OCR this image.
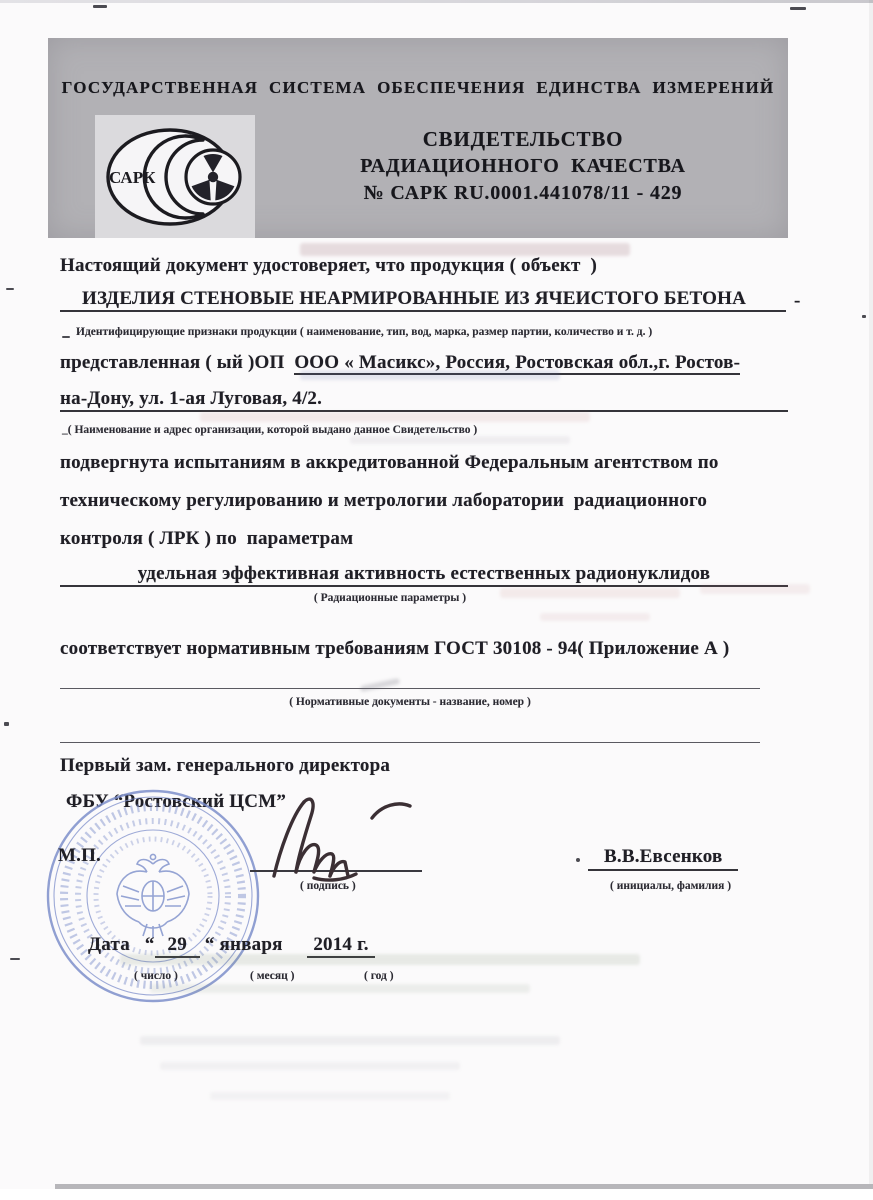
ГОСУДАРСТВЕННАЯ  СИСТЕМА  ОБЕСПЕЧЕНИЯ  ЕДИНСТВА  ИЗМЕРЕНИЙ
САРК
СВИДЕТЕЛЬСТВО
РАДИАЦИОННОГО  КАЧЕСТВА
№ САРК RU.0001.441078/11 - 429
Настоящий документ удостоверяет, что продукция ( объект  )
ИЗДЕЛИЯ СТЕНОВЫЕ НЕАРМИРОВАННЫЕ ИЗ ЯЧЕИСТОГО БЕТОНА	-
Идентифицирующие признаки продукции ( наименование, тип, вод, марка, размер партии, количество и т. д. )
представленная ( ый )ОП  ООО « Масикс», Россия, Ростовская обл.,г. Ростов-
на-Дону, ул. 1-ая Луговая, 4/2.
_( Наименование и адрес организации, которой выдано данное Свидетельство )
подвергнута испытаниям в аккредитованной Федеральным агентством по
техническому регулированию и метрологии лаборатории  радиационного
контроля ( ЛРК ) по  параметрам
удельная эффективная активность естественных радионуклидов
( Радиационные параметры )
соответствует нормативным требованиям ГОСТ 30108 - 94( Приложение А )
( Нормативные документы - название, номер )
Первый зам. генерального директора
ФБУ “Ростовский ЦСМ”
М.П.
( подпись )
В.В.Евсенков
( инициалы, фамилия )
Дата “ 29 “ января 2014 г.
( число )	( месяц )	( год )
